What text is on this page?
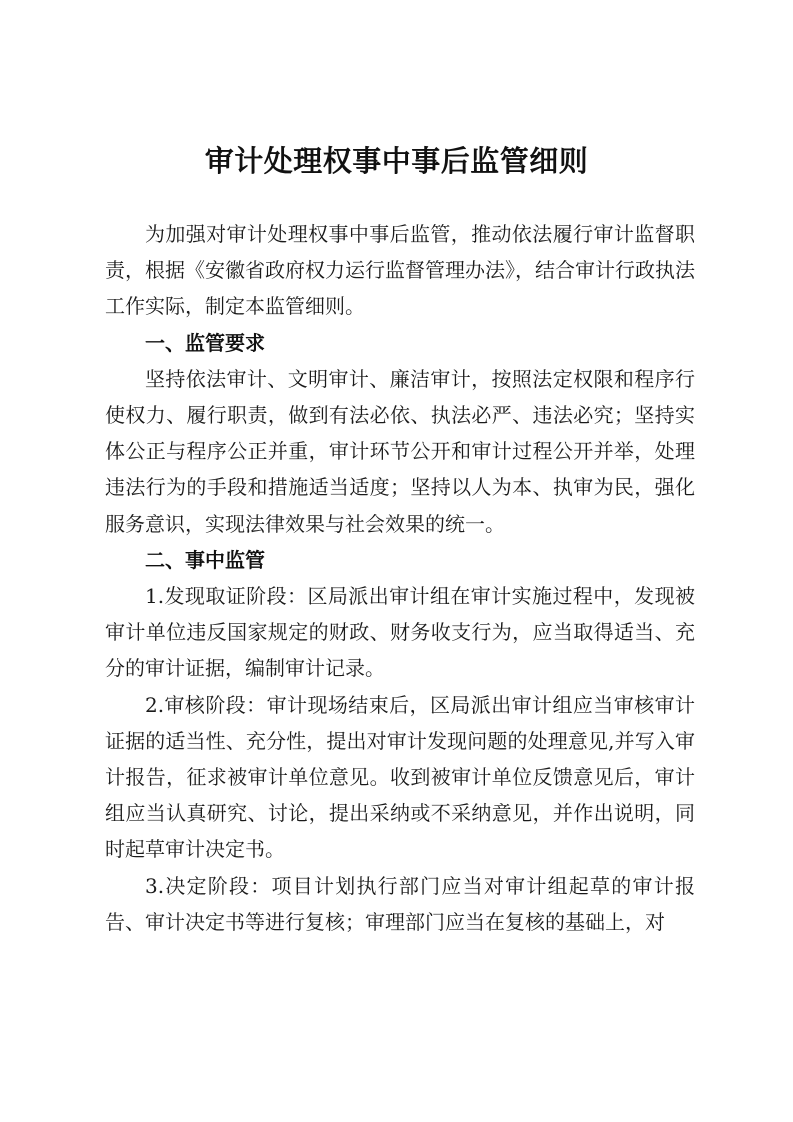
审计处理权事中事后监管细则

为加强对审计处理权事中事后监管，推动依法履行审计监督职责，根据《安徽省政府权力运行监督管理办法》，结合审计行政执法工作实际，制定本监管细则。

一、监管要求

坚持依法审计、文明审计、廉洁审计，按照法定权限和程序行使权力、履行职责，做到有法必依、执法必严、违法必究；坚持实体公正与程序公正并重，审计环节公开和审计过程公开并举，处理违法行为的手段和措施适当适度；坚持以人为本、执审为民，强化服务意识，实现法律效果与社会效果的统一。

二、事中监管

1.发现取证阶段：区局派出审计组在审计实施过程中，发现被审计单位违反国家规定的财政、财务收支行为，应当取得适当、充分的审计证据，编制审计记录。

2.审核阶段：审计现场结束后，区局派出审计组应当审核审计证据的适当性、充分性，提出对审计发现问题的处理意见,并写入审计报告，征求被审计单位意见。收到被审计单位反馈意见后，审计组应当认真研究、讨论，提出采纳或不采纳意见，并作出说明，同时起草审计决定书。

3.决定阶段：项目计划执行部门应当对审计组起草的审计报告、审计决定书等进行复核；审理部门应当在复核的基础上，对
